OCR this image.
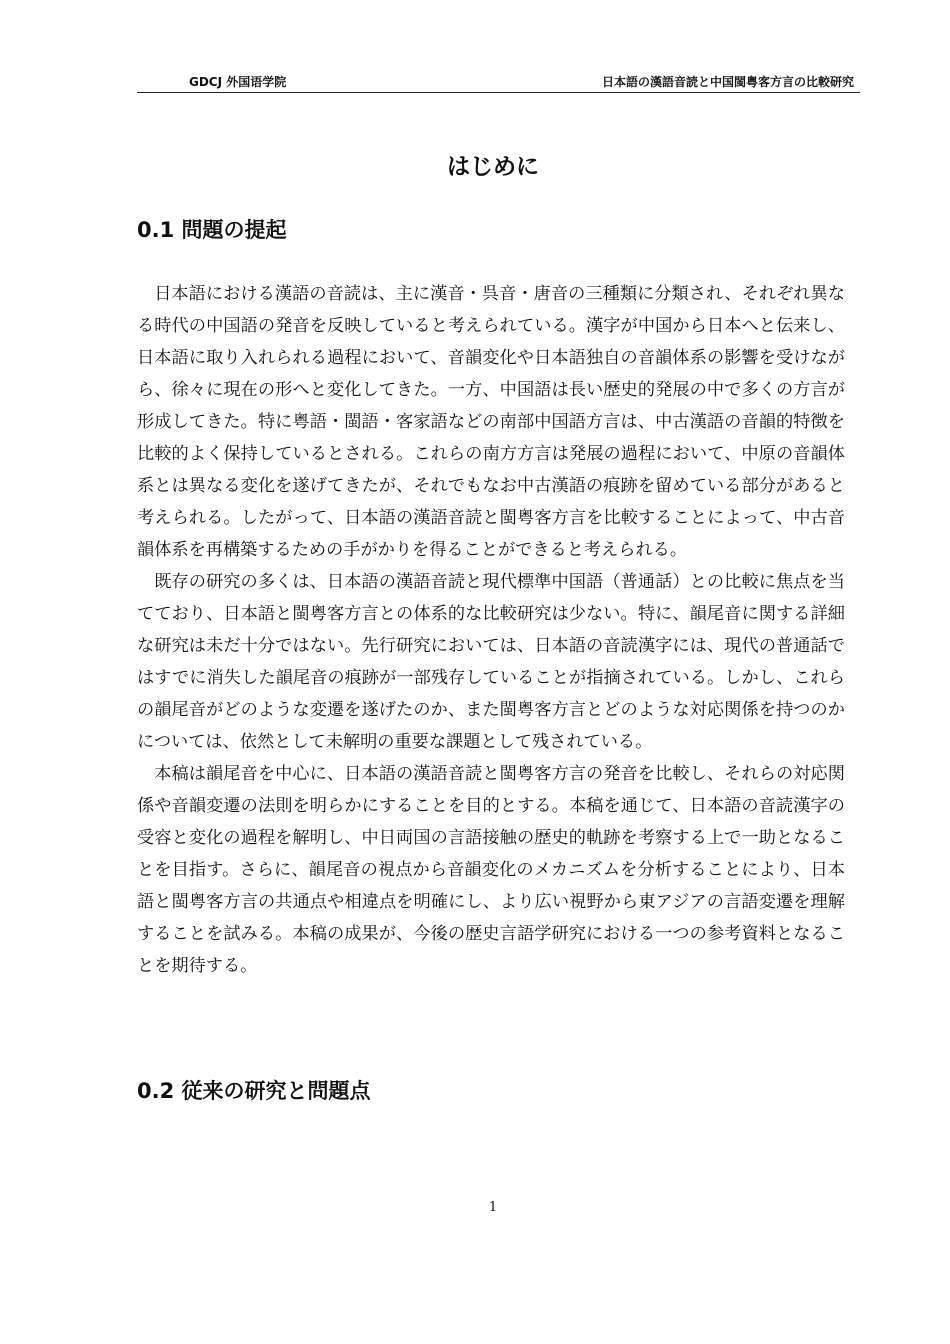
GDCJ 外国语学院	日本語の漢語音読と中国閩粤客方言の比較研究
はじめに
0.1 問題の提起

日本語における漢語の音読は、主に漢音・呉音・唐音の三種類に分類され、それぞれ異なる時代の中国語の発音を反映していると考えられている。漢字が中国から日本へと伝来し、日本語に取り入れられる過程において、音韻変化や日本語独自の音韻体系の影響を受けながら、徐々に現在の形へと変化してきた。一方、中国語は長い歴史的発展の中で多くの方言が形成してきた。特に粤語・閩語・客家語などの南部中国語方言は、中古漢語の音韻的特徴を比較的よく保持しているとされる。これらの南方方言は発展の過程において、中原の音韻体系とは異なる変化を遂げてきたが、それでもなお中古漢語の痕跡を留めている部分があると考えられる。したがって、日本語の漢語音読と閩粤客方言を比較することによって、中古音韻体系を再構築するための手がかりを得ることができると考えられる。

既存の研究の多くは、日本語の漢語音読と現代標準中国語（普通話）との比較に焦点を当てており、日本語と閩粤客方言との体系的な比較研究は少ない。特に、韻尾音に関する詳細な研究は未だ十分ではない。先行研究においては、日本語の音読漢字には、現代の普通話ではすでに消失した韻尾音の痕跡が一部残存していることが指摘されている。しかし、これらの韻尾音がどのような変遷を遂げたのか、また閩粤客方言とどのような対応関係を持つのかについては、依然として未解明の重要な課題として残されている。

本稿は韻尾音を中心に、日本語の漢語音読と閩粤客方言の発音を比較し、それらの対応関係や音韻変遷の法則を明らかにすることを目的とする。本稿を通じて、日本語の音読漢字の受容と変化の過程を解明し、中日両国の言語接触の歴史的軌跡を考察する上で一助となることを目指す。さらに、韻尾音の視点から音韻変化のメカニズムを分析することにより、日本語と閩粤客方言の共通点や相違点を明確にし、より広い視野から東アジアの言語変遷を理解することを試みる。本稿の成果が、今後の歴史言語学研究における一つの参考資料となることを期待する。

0.2 従来の研究と問題点
1
